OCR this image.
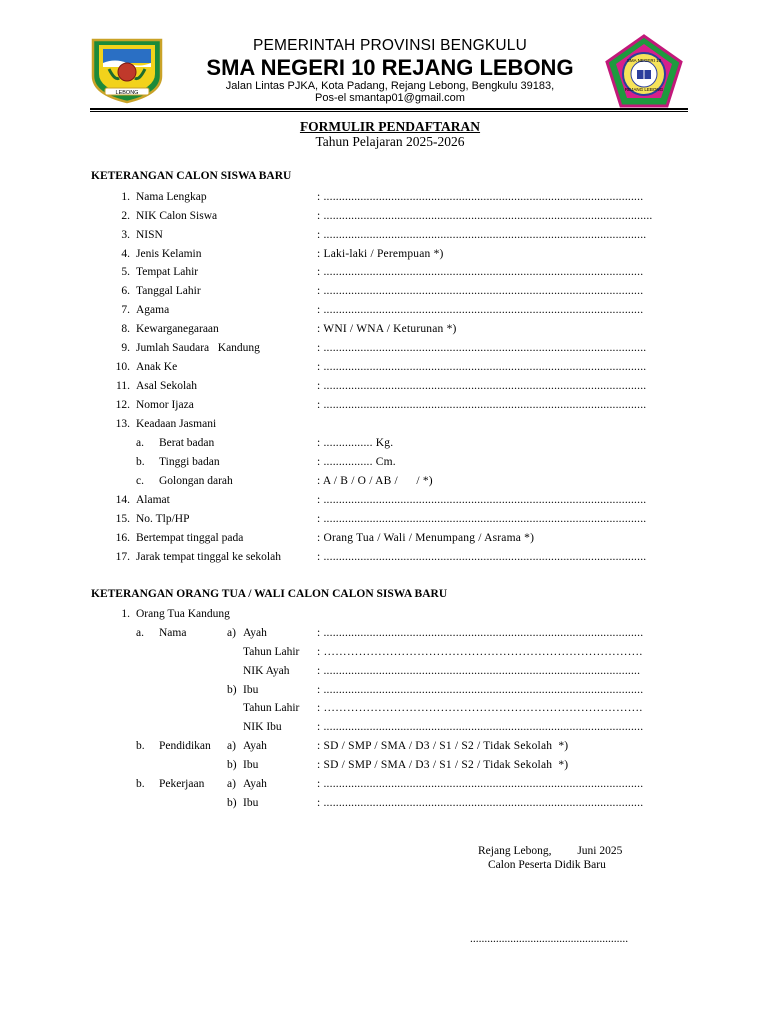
LEBONG
PEMERINTAH PROVINSI BENGKULU
SMA NEGERI 10 REJANG LEBONG
Jalan Lintas PJKA, Kota Padang, Rejang Lebong, Bengkulu 39183,
Pos-el smantap01@gmail.com
SMA NEGERI 10
REJANG LEBONG
FORMULIR PENDAFTARAN
Tahun Pelajaran 2025-2026
KETERANGAN CALON SISWA BARU
1. Nama Lengkap	: ........................................................................................................
2. NIK Calon Siswa	: ...........................................................................................................
3. NISN	: .........................................................................................................
4. Jenis Kelamin	: Laki-laki / Perempuan *)
5. Tempat Lahir	: ........................................................................................................
6. Tanggal Lahir	: ........................................................................................................
7. Agama	: ........................................................................................................
8. Kewarganegaraan	: WNI / WNA / Keturunan *)
9. Jumlah Saudara   Kandung	: .........................................................................................................
10. Anak Ke	: .........................................................................................................
11. Asal Sekolah	: .........................................................................................................
12. Nomor Ijaza	: .........................................................................................................
13. Keadaan Jasmani
a. Berat badan	: ................ Kg.
b. Tinggi badan	: ................ Cm.
c. Golongan darah	: A / B / O / AB /      / *)
14. Alamat	: .........................................................................................................
15. No. Tlp/HP	: .........................................................................................................
16. Bertempat tinggal pada	: Orang Tua / Wali / Menumpang / Asrama *)
17. Jarak tempat tinggal ke sekolah	: .........................................................................................................
KETERANGAN ORANG TUA / WALI CALON CALON SISWA BARU
1. Orang Tua Kandung
a. Nama	a) Ayah	: ........................................................................................................
Tahun Lahir : ……………………………………………………………………….
NIK Ayah : .......................................................................................................
b) Ibu	: ........................................................................................................
Tahun Lahir : ……………………………………………………………………….
NIK Ibu	: ........................................................................................................
b. Pendidikan a) Ayah	: SD / SMP / SMA / D3 / S1 / S2 / Tidak Sekolah  *)
b) Ibu	: SD / SMP / SMA / D3 / S1 / S2 / Tidak Sekolah  *)
b. Pekerjaan a) Ayah	: ........................................................................................................
b) Ibu	: ........................................................................................................
Rejang Lebong,         Juni 2025
Calon Peserta Didik Baru
.......................................................
